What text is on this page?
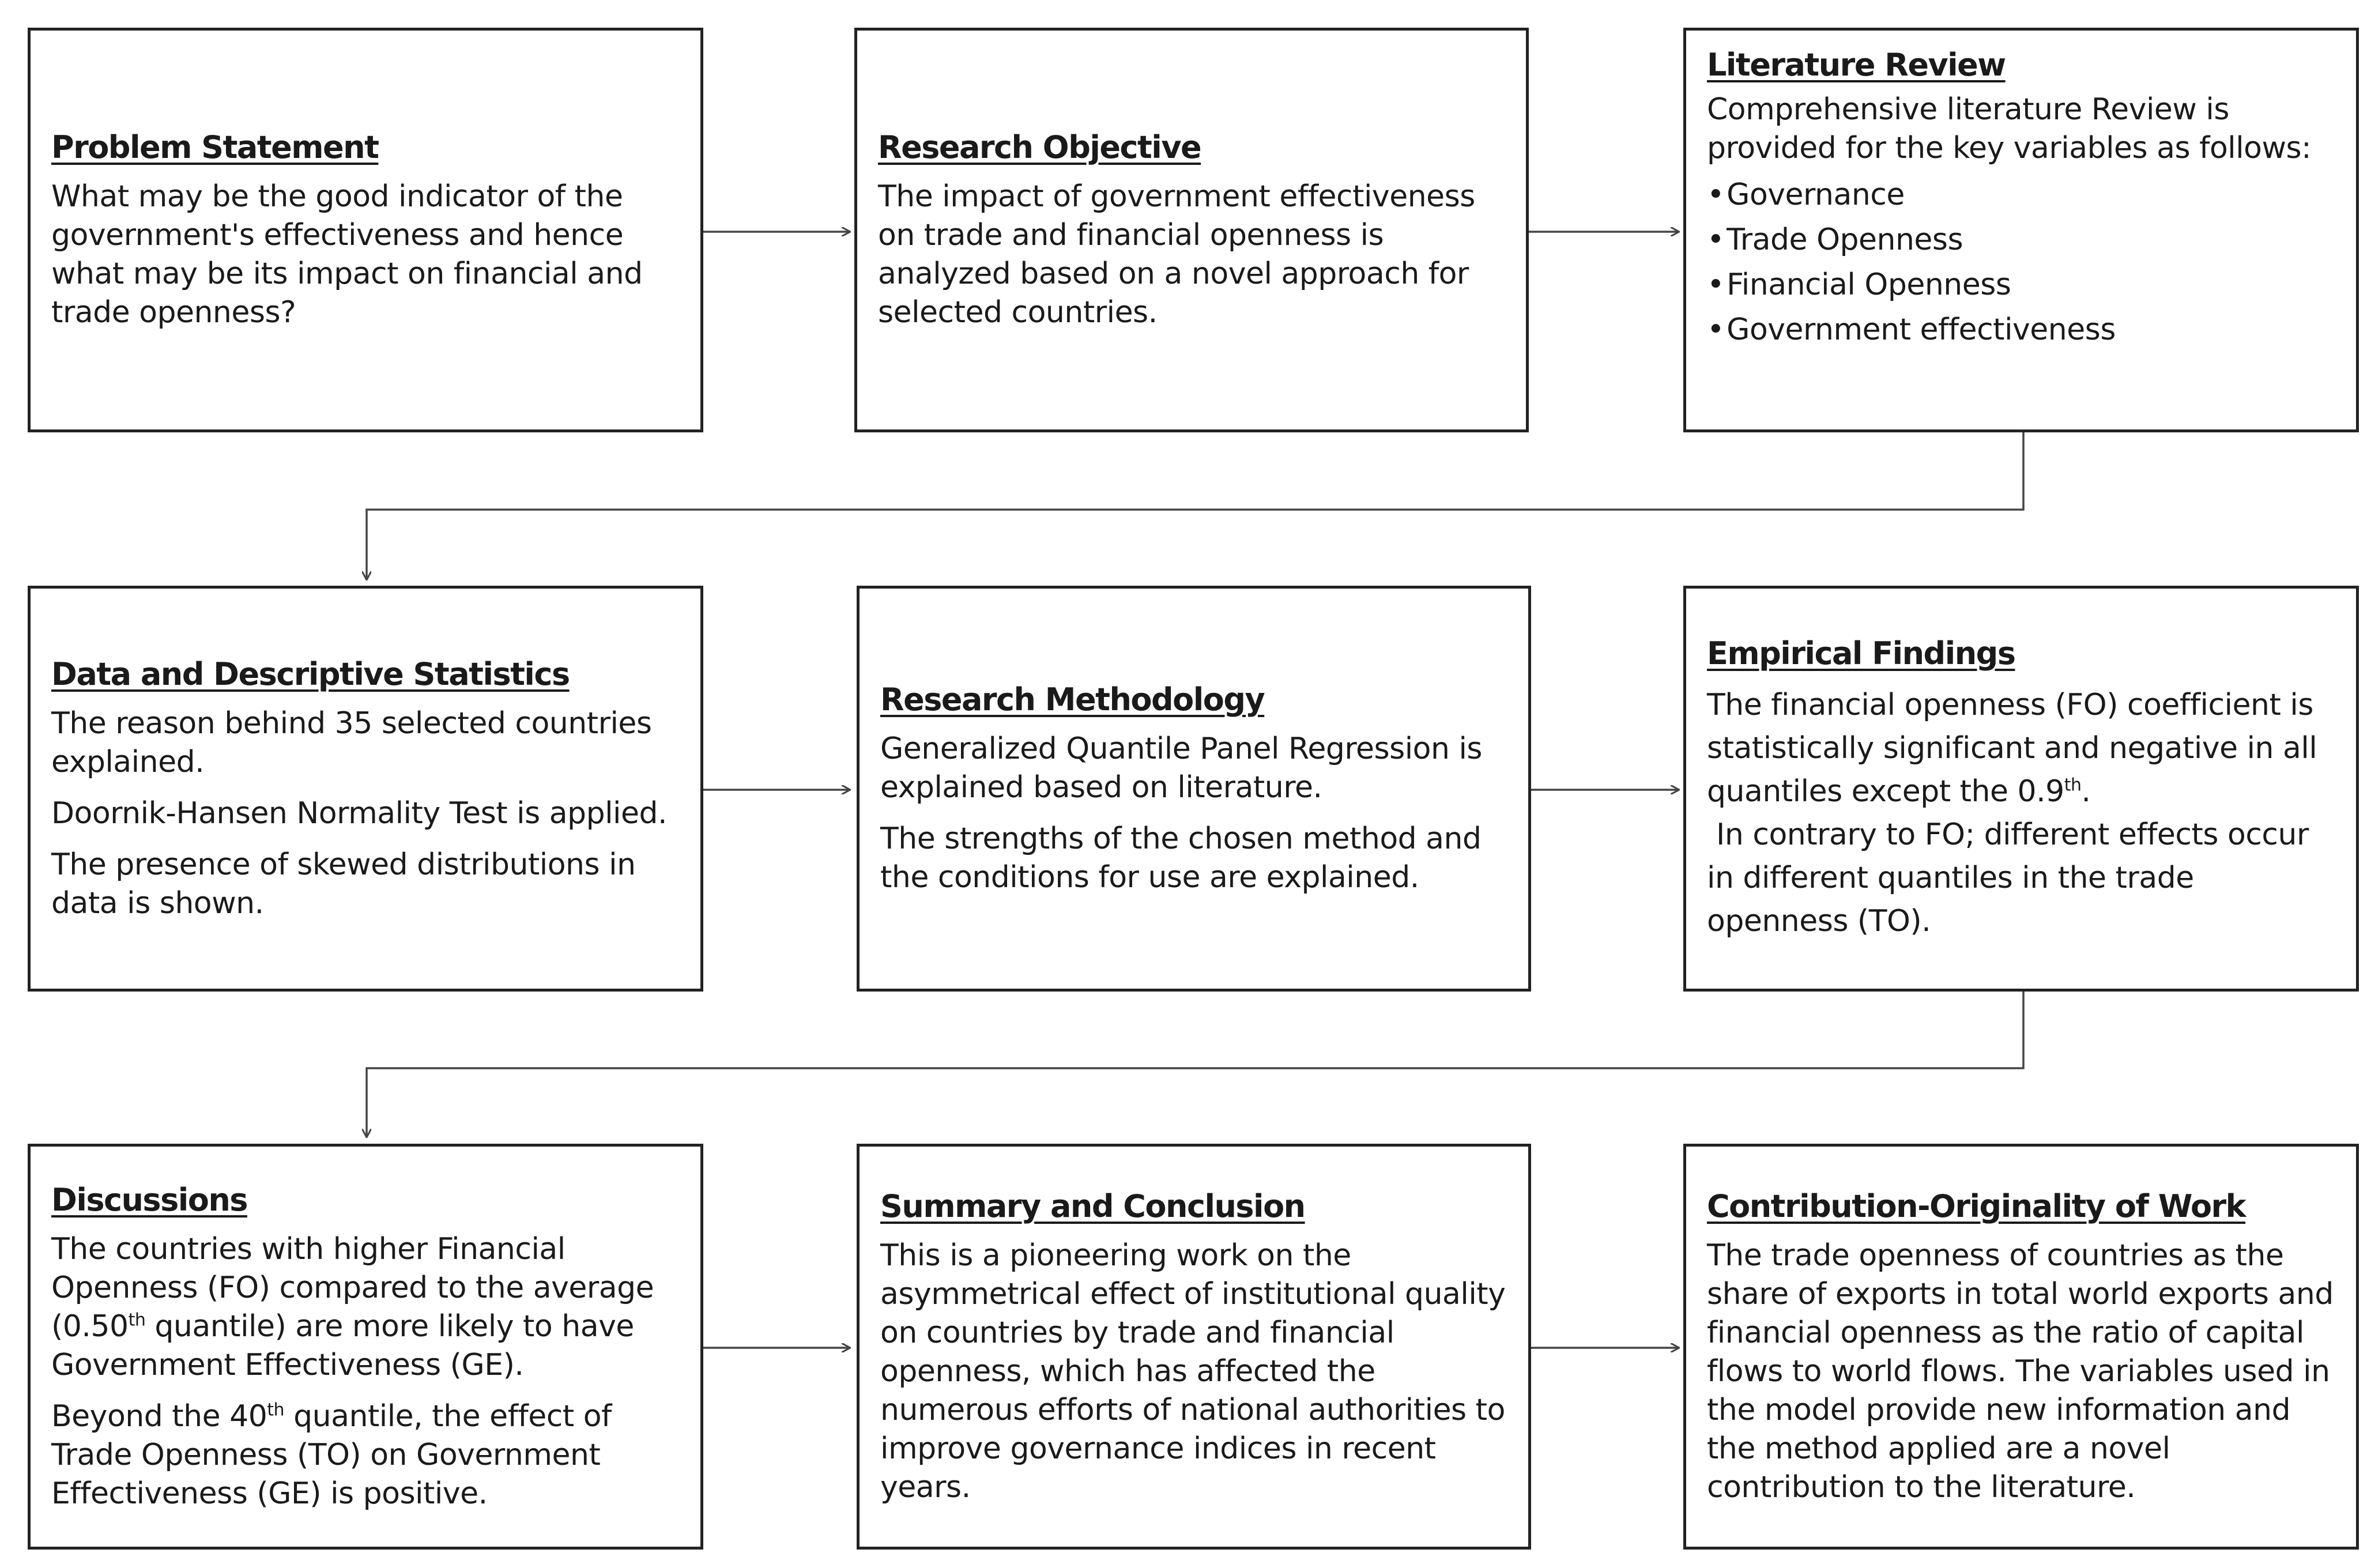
Problem Statement
What may be the good indicator of the government's effectiveness and hence what may be its impact on financial and trade openness?
Research Objective
The impact of government effectiveness on trade and financial openness is analyzed based on a novel approach for selected countries.
Literature Review
Comprehensive literature Review is provided for the key variables as follows:
• Governance
• Trade Openness
• Financial Openness
• Government effectiveness
Data and Descriptive Statistics
The reason behind 35 selected countries explained.
Doornik-Hansen Normality Test is applied.
The presence of skewed distributions in data is shown.
Research Methodology
Generalized Quantile Panel Regression is explained based on literature.
The strengths of the chosen method and the conditions for use are explained.
Empirical Findings
The financial openness (FO) coefficient is statistically significant and negative in all quantiles except the 0.9th.
In contrary to FO; different effects occur in different quantiles in the trade openness (TO).
Discussions
The countries with higher Financial Openness (FO) compared to the average (0.50th quantile) are more likely to have Government Effectiveness (GE).
Beyond the 40th quantile, the effect of Trade Openness (TO) on Government Effectiveness (GE) is positive.
Summary and Conclusion
This is a pioneering work on the asymmetrical effect of institutional quality on countries by trade and financial openness, which has affected the numerous efforts of national authorities to improve governance indices in recent years.
Contribution-Originality of Work
The trade openness of countries as the share of exports in total world exports and financial openness as the ratio of capital flows to world flows. The variables used in the model provide new information and the method applied are a novel contribution to the literature.
